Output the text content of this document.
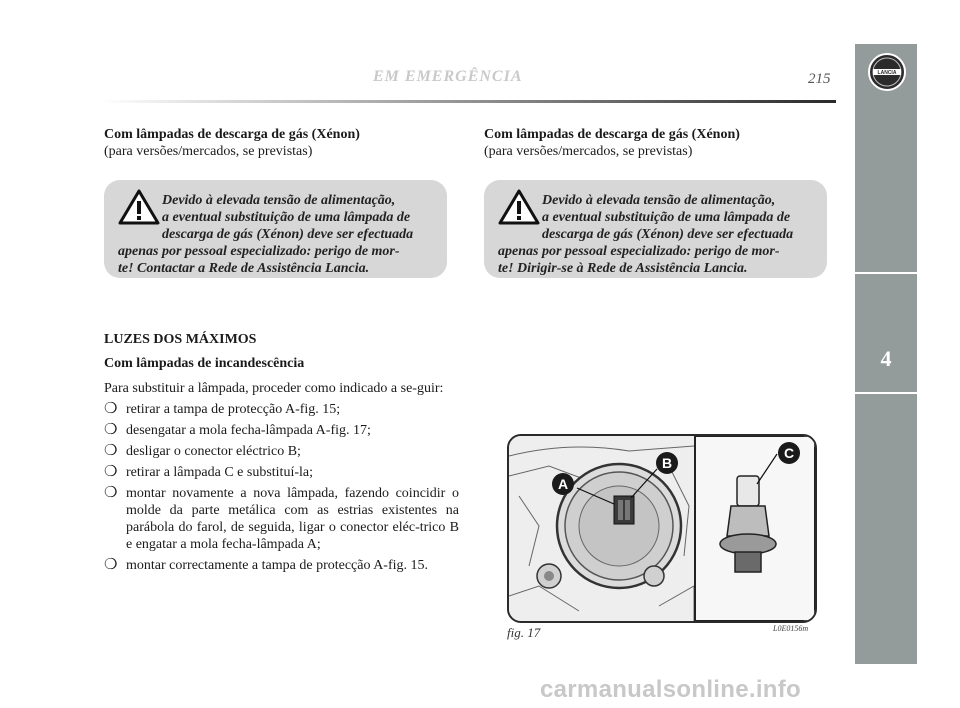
EM EMERGÊNCIA	215	LANCIA
4

Com lâmpadas de descarga de gás (Xénon)

(para versões/mercados, se previstas)

Devido à elevada tensão de alimentação,
a eventual substituição de uma lâmpada de
descarga de gás (Xénon) deve ser efectuada
apenas por pessoal especializado: perigo de mor-
te! Contactar a Rede de Assistência Lancia.
LUZES DOS MÁXIMOS
Com lâmpadas de incandescência

Para substituir a lâmpada, proceder como indicado a se-guir:

❍ retirar a tampa de protecção A-fig. 15;
❍ desengatar a mola fecha-lâmpada A-fig. 17;
❍ desligar o conector eléctrico B;
❍ retirar a lâmpada C e substituí-la;
❍ montar novamente a nova lâmpada, fazendo coincidir o molde da parte metálica com as estrias existentes na parábola do farol, de seguida, ligar o conector eléc-trico B e engatar a mola fecha-lâmpada A;
❍ montar correctamente a tampa de protecção A-fig. 15.

Com lâmpadas de descarga de gás (Xénon)

(para versões/mercados, se previstas)

Devido à elevada tensão de alimentação,
a eventual substituição de uma lâmpada de
descarga de gás (Xénon) deve ser efectuada
apenas por pessoal especializado: perigo de mor-
te! Dirigir-se à Rede de Assistência Lancia.
A
B
C
fig. 17	L0E0156m
carmanualsonline.info
